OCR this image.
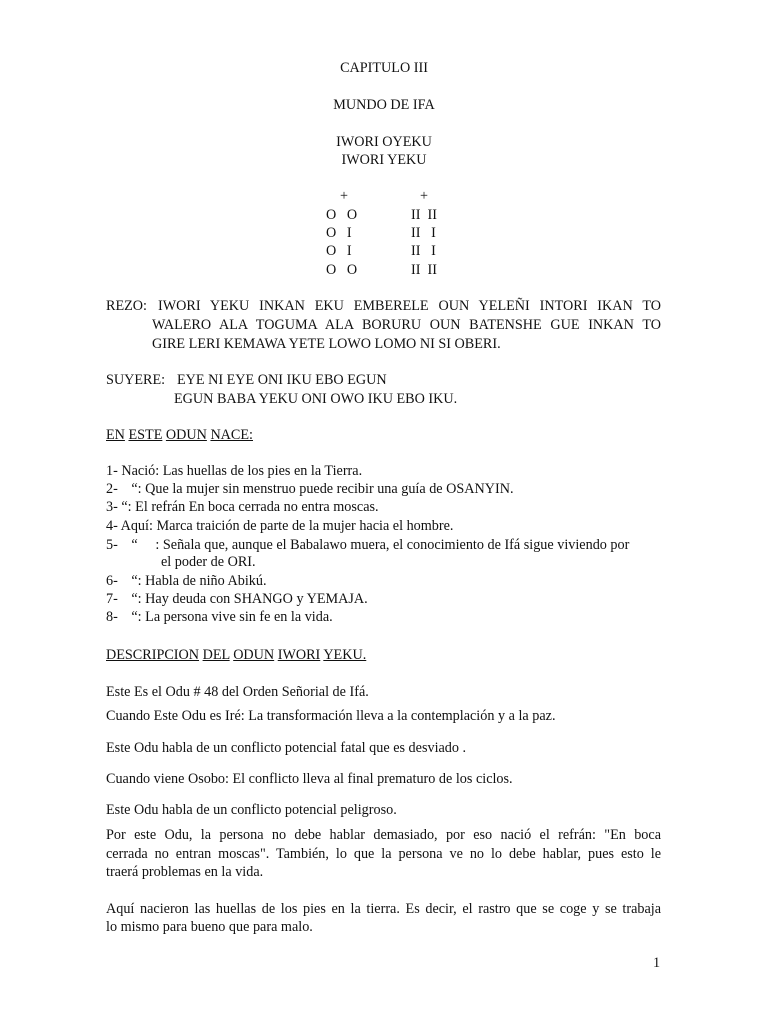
CAPITULO III
MUNDO DE IFA
IWORI OYEKU
IWORI YEKU
+	+
O   O
O   I
O   I
O   O
II  II
II   I
II   I
II  II
REZO: IWORI YEKU INKAN EKU EMBERELE OUN YELEÑI INTORI IKAN TO
WALERO ALA TOGUMA ALA BORURU OUN BATENSHE GUE INKAN TO
GIRE LERI KEMAWA YETE LOWO LOMO NI SI OBERI.
SUYERE: EYE NI EYE ONI IKU EBO EGUN
EGUN BABA YEKU ONI OWO IKU EBO IKU.
EN ESTE ODUN NACE:
1- Nació: Las huellas de los pies en la Tierra.
2- “: Que la mujer sin menstruo puede recibir una guía de OSANYIN.
3- “: El refrán En boca cerrada no entra moscas.
4- Aquí: Marca traición de parte de la mujer hacia el hombre.
5- “     : Señala que, aunque el Babalawo muera, el conocimiento de Ifá sigue viviendo por
el poder de ORI.
6- “: Habla de niño Abikú.
7- “: Hay deuda con SHANGO y YEMAJA.
8- “: La persona vive sin fe en la vida.
DESCRIPCION DEL ODUN IWORI YEKU.
Este Es el Odu # 48 del Orden Señorial de Ifá.
Cuando Este Odu es Iré: La transformación lleva a la contemplación y a la paz.
Este Odu habla de un conflicto potencial fatal que es desviado .
Cuando viene Osobo: El conflicto lleva al final prematuro de los ciclos.
Este Odu habla de un conflicto potencial peligroso.
Por este Odu, la persona no debe hablar demasiado, por eso nació el refrán: "En boca
cerrada no entran moscas". También, lo que la persona ve no lo debe hablar, pues esto le
traerá problemas en la vida.
Aquí nacieron las huellas de los pies en la tierra. Es decir, el rastro que se coge y se trabaja
lo mismo para bueno que para malo.
1
